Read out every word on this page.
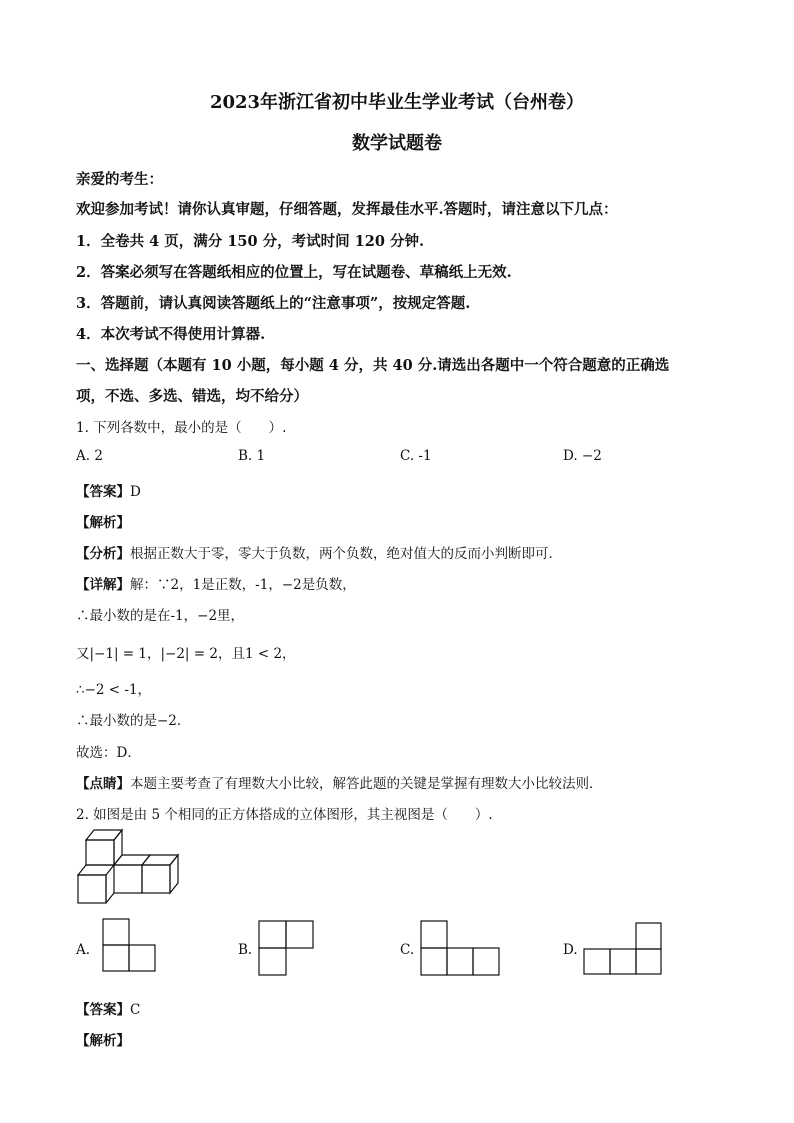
2023年浙江省初中毕业生学业考试（台州卷）
数学试题卷
亲爱的考生：
欢迎参加考试！请你认真审题，仔细答题，发挥最佳水平.答题时，请注意以下几点：
1．全卷共 4 页，满分 150 分，考试时间 120 分钟.
2．答案必须写在答题纸相应的位置上，写在试题卷、草稿纸上无效.
3．答题前，请认真阅读答题纸上的“注意事项”，按规定答题.
4．本次考试不得使用计算器.
一、选择题（本题有 10 小题，每小题 4 分，共 40 分.请选出各题中一个符合题意的正确选
项，不选、多选、错选，均不给分）
1. 下列各数中，最小的是（　　）.
A. 2	B. 1	C. -1	D. −2
【答案】D
【解析】
【分析】根据正数大于零，零大于负数，两个负数，绝对值大的反而小判断即可．
【详解】解：∵2，1是正数，-1，−2是负数，
∴最小数的是在-1，−2里，
又|−1| = 1，|−2| = 2，且1 < 2，
∴−2 < -1，
∴最小数的是−2．
故选：D．
【点睛】本题主要考查了有理数大小比较，解答此题的关键是掌握有理数大小比较法则．
2. 如图是由 5 个相同的正方体搭成的立体图形，其主视图是（　　）.
A.	B.	C.	D.
【答案】C
【解析】
